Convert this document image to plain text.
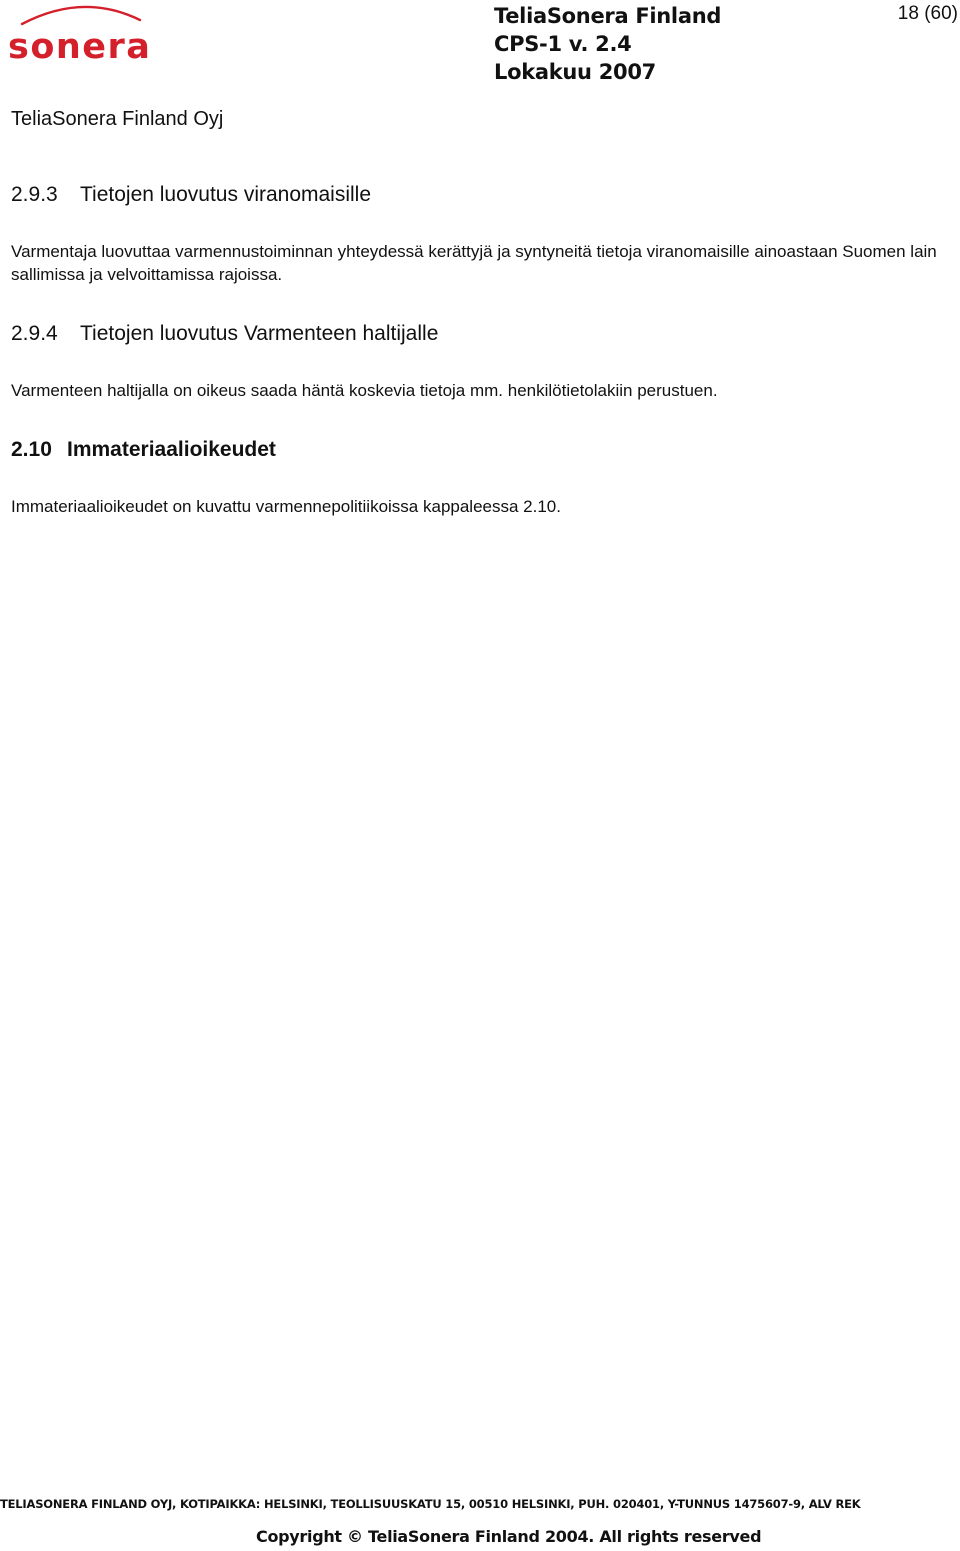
sonera
TeliaSonera Finland
CPS-1 v. 2.4
Lokakuu 2007
18 (60)
TeliaSonera Finland Oyj
2.9.3 Tietojen luovutus viranomaisille

Varmentaja luovuttaa varmennustoiminnan yhteydessä kerättyjä ja syntyneitä tietoja viranomaisille ainoastaan Suomen lain sallimissa ja velvoittamissa rajoissa.

2.9.4 Tietojen luovutus Varmenteen haltijalle

Varmenteen haltijalla on oikeus saada häntä koskevia tietoja mm. henkilötietolakiin perustuen.

2.10 Immateriaalioikeudet

Immateriaalioikeudet on kuvattu varmennepolitiikoissa kappaleessa 2.10.

TELIASONERA FINLAND OYJ, KOTIPAIKKA: HELSINKI, TEOLLISUUSKATU 15, 00510 HELSINKI, PUH. 020401, Y-TUNNUS 1475607-9, ALV REK
Copyright © TeliaSonera Finland 2004. All rights reserved
